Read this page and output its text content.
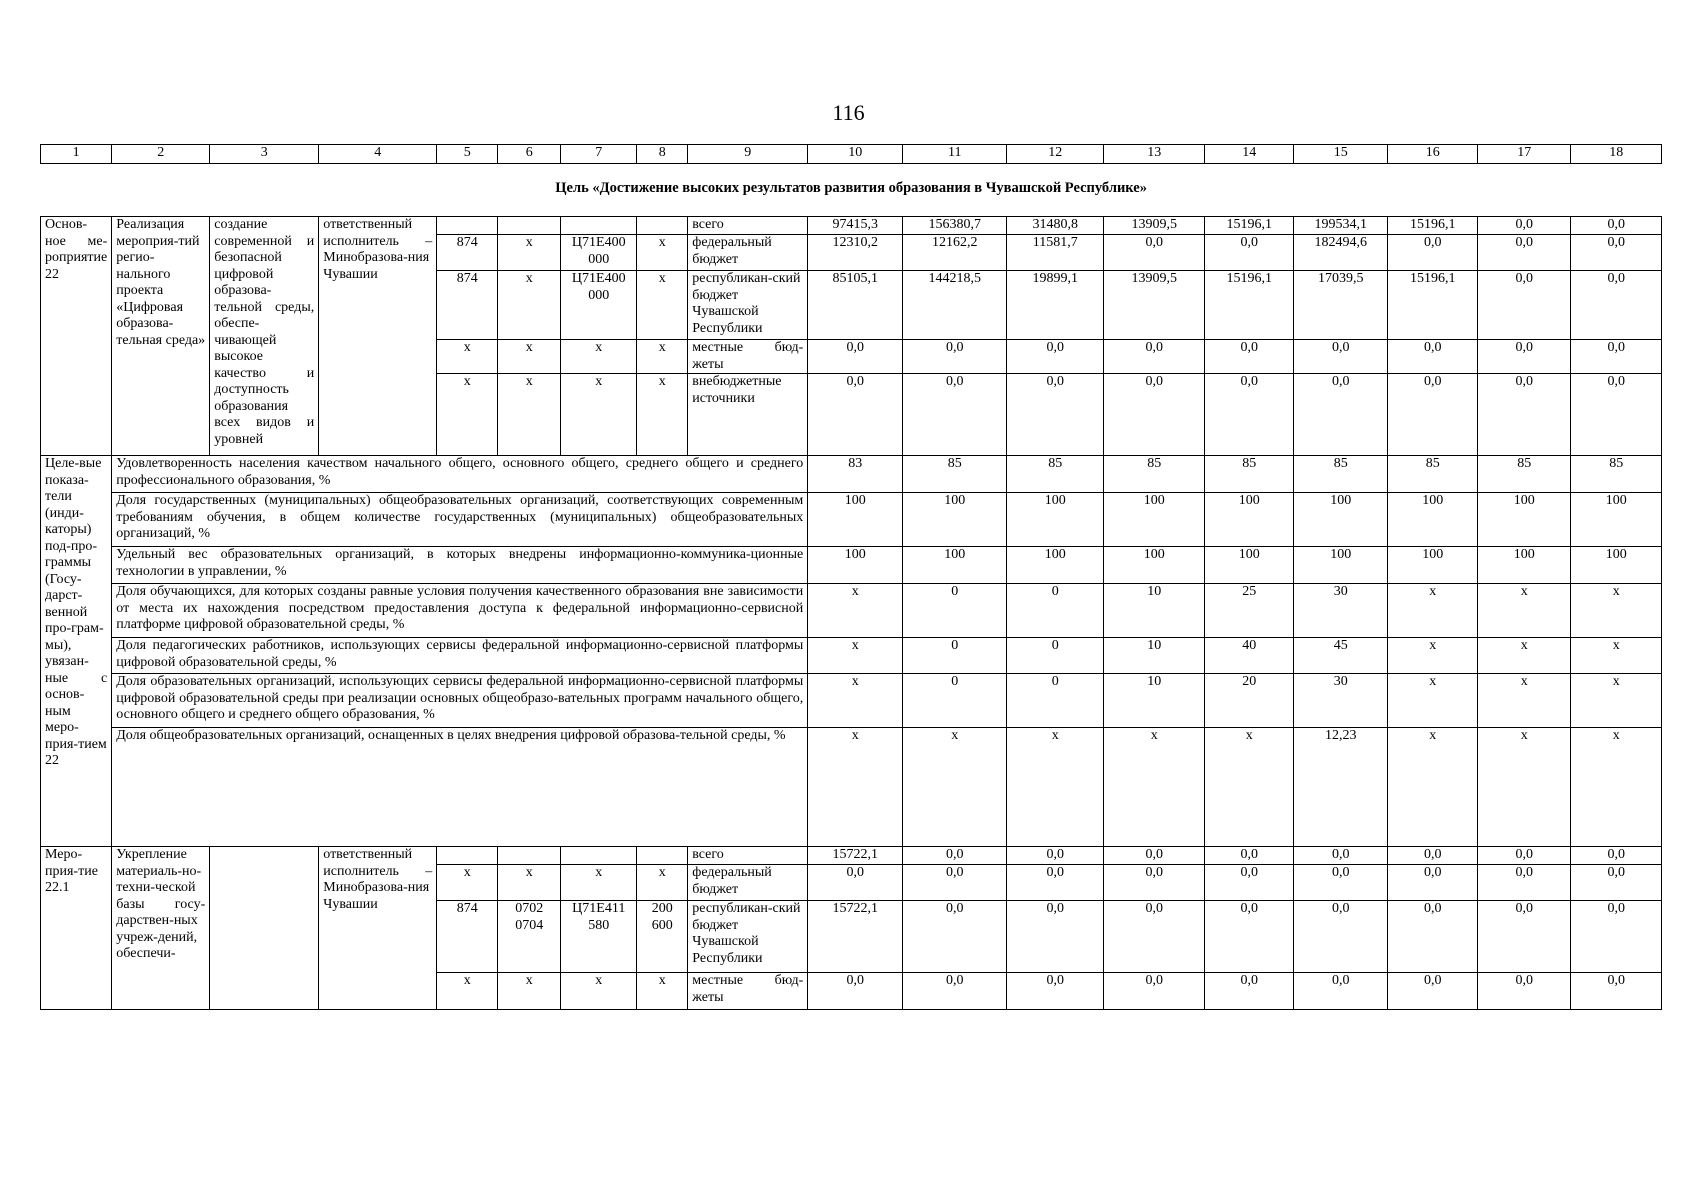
116
1	2	3	4	5	6	7	8	9	10	11	12	13	14	15	16	17	18
Цель «Достижение высоких результатов развития образования в Чувашской Республике»																	
Основ-ное ме-роприятие 22	Реализация мероприя-тий регио-нального проекта «Цифровая образова-тельная среда»	создание современной и безопасной цифровой образова-тельной среды, обеспе-чивающей высокое качество и доступность образования всех видов и уровней	ответственный исполнитель – Минобразова-ния Чувашии					всего	97415,3	156380,7	31480,8	13909,5	15196,1	199534,1	15196,1	0,0	0,0
				874	x	Ц71Е400 000	x	федеральный бюджет	12310,2	12162,2	11581,7	0,0	0,0	182494,6	0,0	0,0	0,0
				874	x	Ц71Е400 000	x	республикан-ский бюджет Чувашской Республики	85105,1	144218,5	19899,1	13909,5	15196,1	17039,5	15196,1	0,0	0,0
				x	x	x	x	местные бюд-жеты	0,0	0,0	0,0	0,0	0,0	0,0	0,0	0,0	0,0
				x	x	x	x	внебюджетные источники	0,0	0,0	0,0	0,0	0,0	0,0	0,0	0,0	0,0
Целе-вые показа-тели (инди-каторы) под-про-граммы (Госу-дарст-венной про-грам-мы), увязан-ные с основ-ным меро-прия-тием 22	Удовлетворенность населения качеством начального общего, основного общего, среднего общего и среднего профессионального образования, %								83	85	85	85	85	85	85	85	85
	Доля государственных (муниципальных) общеобразовательных организаций, соответствующих современным требованиям обучения, в общем количестве государственных (муниципальных) общеобразовательных организаций, %								100	100	100	100	100	100	100	100	100
	Удельный вес образовательных организаций, в которых внедрены информационно-коммуника-ционные технологии в управлении, %								100	100	100	100	100	100	100	100	100
	Доля обучающихся, для которых созданы равные условия получения качественного образования вне зависимости от места их нахождения посредством предоставления доступа к федеральной информационно-сервисной платформе цифровой образовательной среды, %								x	0	0	10	25	30	x	x	x
	Доля педагогических работников, использующих сервисы федеральной информационно-сервисной платформы цифровой образовательной среды, %								x	0	0	10	40	45	x	x	x
	Доля образовательных организаций, использующих сервисы федеральной информационно-сервисной платформы цифровой образовательной среды при реализации основных общеобразо-вательных программ начального общего, основного общего и среднего общего образования, %								x	0	0	10	20	30	x	x	x
	Доля общеобразовательных организаций, оснащенных в целях внедрения цифровой образова-тельной среды, %								x	x	x	x	x	12,23	x	x	x
Меро-прия-тие 22.1	Укрепление материаль-но-техни-ческой базы госу-дарствен-ных учреж-дений, обеспечи-		ответственный исполнитель – Минобразова-ния Чувашии					всего	15722,1	0,0	0,0	0,0	0,0	0,0	0,0	0,0	0,0
				x	x	x	x	федеральный бюджет	0,0	0,0	0,0	0,0	0,0	0,0	0,0	0,0	0,0
				874	0702 0704	Ц71Е411 580	200 600	республикан-ский бюджет Чувашской Республики	15722,1	0,0	0,0	0,0	0,0	0,0	0,0	0,0	0,0
				x	x	x	x	местные бюд-жеты	0,0	0,0	0,0	0,0	0,0	0,0	0,0	0,0	0,0
